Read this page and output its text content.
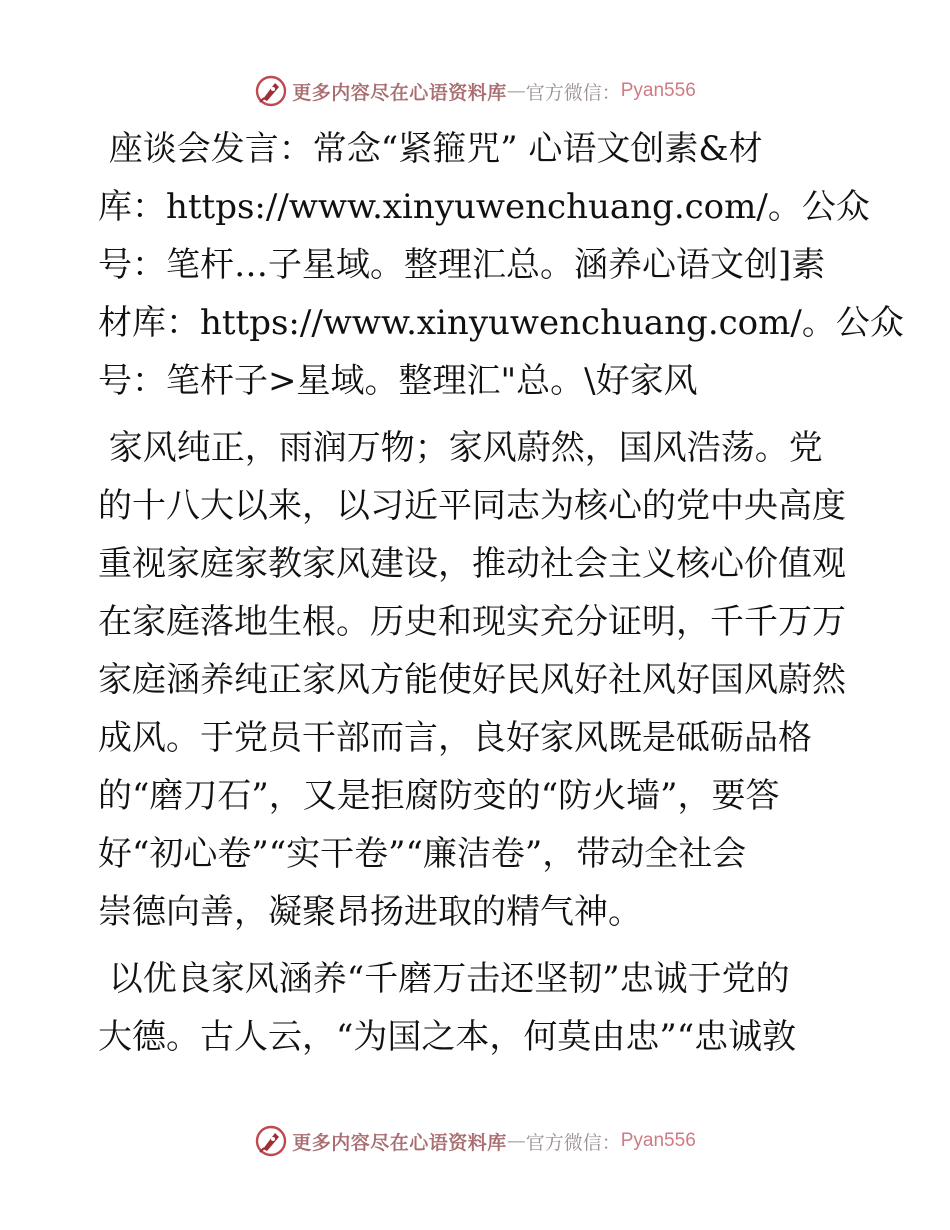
更多内容尽在心语资料库 — 官方微信： Pyan556
座谈会发言：常念“紧箍咒” 心语文创素&材
库：https://www.xinyuwenchuang.com/。公众
号：笔杆…子星域。整理汇总。涵养心语文创]素
材库：https://www.xinyuwenchuang.com/。公众
号：笔杆子>星域。整理汇"总。\好家风
家风纯正，雨润万物；家风蔚然，国风浩荡。党
的十八大以来，以习近平同志为核心的党中央高度
重视家庭家教家风建设，推动社会主义核心价值观
在家庭落地生根。历史和现实充分证明，千千万万
家庭涵养纯正家风方能使好民风好社风好国风蔚然
成风。于党员干部而言，良好家风既是砥砺品格
的“磨刀石”，又是拒腐防变的“防火墙”，要答
好“初心卷”“实干卷”“廉洁卷”，带动全社会
崇德向善，凝聚昂扬进取的精气神。
以优良家风涵养“千磨万击还坚韧”忠诚于党的
大德。古人云，“为国之本，何莫由忠”“忠诚敦
更多内容尽在心语资料库 — 官方微信： Pyan556
